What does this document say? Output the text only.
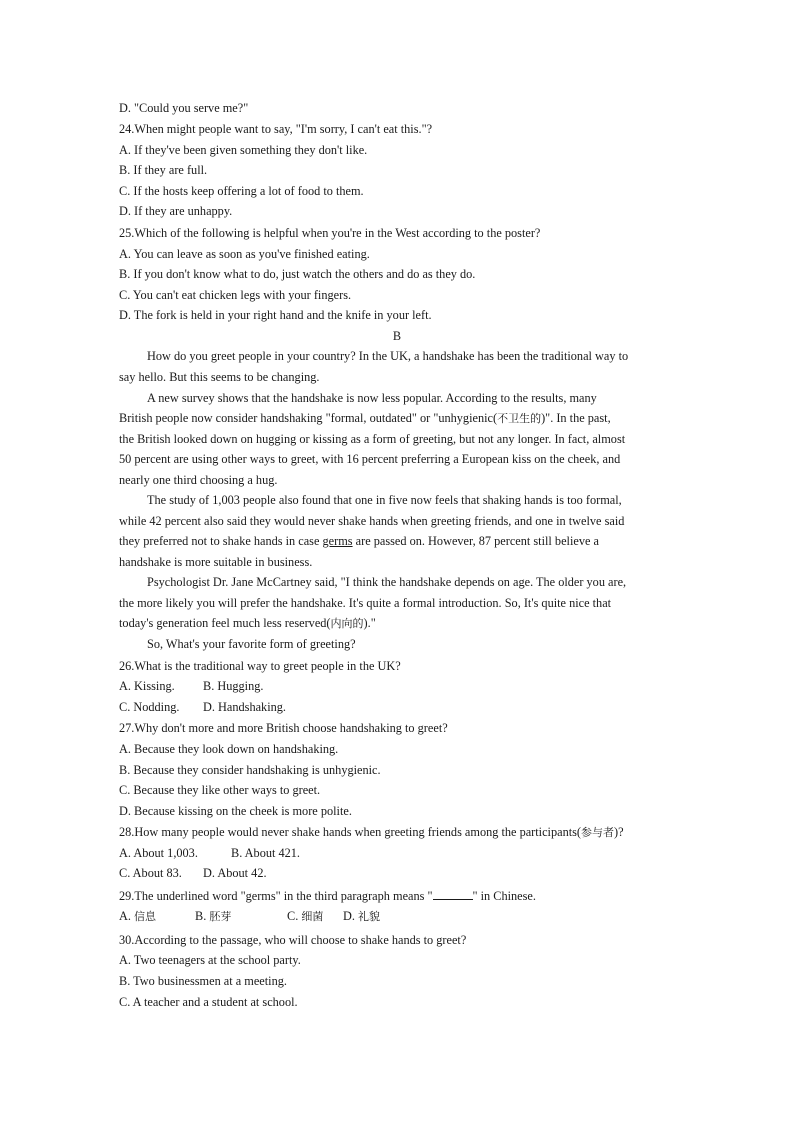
D. "Could you serve me?"
24.When might people want to say, "I'm sorry, I can't eat this."?
A. If they've been given something they don't like.
B. If they are full.
C. If the hosts keep offering a lot of food to them.
D. If they are unhappy.
25.Which of the following is helpful when you're in the West according to the poster?
A. You can leave as soon as you've finished eating.
B. If you don't know what to do, just watch the others and do as they do.
C. You can't eat chicken legs with your fingers.
D. The fork is held in your right hand and the knife in your left.
B
How do you greet people in your country? In the UK, a handshake has been the traditional way to
say hello. But this seems to be changing.
A new survey shows that the handshake is now less popular. According to the results, many
British people now consider handshaking "formal, outdated" or "unhygienic(不卫生的)". In the past,
the British looked down on hugging or kissing as a form of greeting, but not any longer. In fact, almost
50 percent are using other ways to greet, with 16 percent preferring a European kiss on the cheek, and
nearly one third choosing a hug.
The study of 1,003 people also found that one in five now feels that shaking hands is too formal,
while 42 percent also said they would never shake hands when greeting friends, and one in twelve said
they preferred not to shake hands in case germs are passed on. However, 87 percent still believe a
handshake is more suitable in business.
Psychologist Dr. Jane McCartney said, "I think the handshake depends on age. The older you are,
the more likely you will prefer the handshake. It's quite a formal introduction. So, It's quite nice that
today's generation feel much less reserved(内向的)."
So, What's your favorite form of greeting?
26.What is the traditional way to greet people in the UK?
A. Kissing. B. Hugging.
C. Nodding. D. Handshaking.
27.Why don't more and more British choose handshaking to greet?
A. Because they look down on handshaking.
B. Because they consider handshaking is unhygienic.
C. Because they like other ways to greet.
D. Because kissing on the cheek is more polite.
28.How many people would never shake hands when greeting friends among the participants(参与者)?
A. About 1,003.	B. About 421.
C. About 83. D. About 42.
29.The underlined word "germs" in the third paragraph means "	" in Chinese.
A. 信息	B. 胚芽	C. 细菌 D. 礼貌
30.According to the passage, who will choose to shake hands to greet?
A. Two teenagers at the school party.
B. Two businessmen at a meeting.
C. A teacher and a student at school.
